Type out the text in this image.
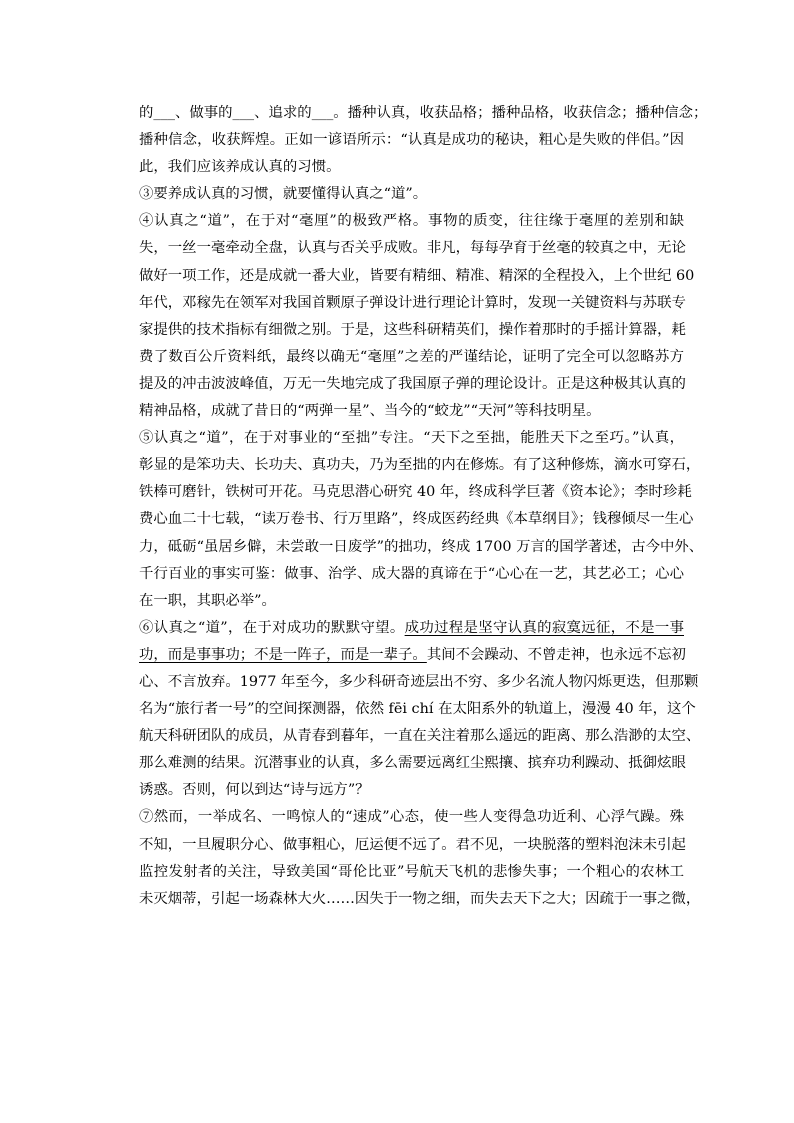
的___、做事的___、追求的___。播种认真，收获品格；播种品格，收获信念；播种信念；
播种信念，收获辉煌。正如一谚语所示：“认真是成功的秘诀，粗心是失败的伴侣。”因
此，我们应该养成认真的习惯。
③要养成认真的习惯，就要懂得认真之“道”。
④认真之“道”，在于对“毫厘”的极致严格。事物的质变，往往缘于毫厘的差别和缺
失，一丝一毫牵动全盘，认真与否关乎成败。非凡，每每孕育于丝毫的较真之中，无论
做好一项工作，还是成就一番大业，皆要有精细、精准、精深的全程投入，上个世纪 60
年代，邓稼先在领军对我国首颗原子弹设计进行理论计算时，发现一关键资料与苏联专
家提供的技术指标有细微之别。于是，这些科研精英们，操作着那时的手摇计算器，耗
费了数百公斤资料纸，最终以确无“毫厘”之差的严谨结论，证明了完全可以忽略苏方
提及的冲击波波峰值，万无一失地完成了我国原子弹的理论设计。正是这种极其认真的
精神品格，成就了昔日的“两弹一星”、当今的“蛟龙”“天河”等科技明星。
⑤认真之“道”，在于对事业的“至拙”专注。“天下之至拙，能胜天下之至巧。”认真，
彰显的是笨功夫、长功夫、真功夫，乃为至拙的内在修炼。有了这种修炼，滴水可穿石，
铁棒可磨针，铁树可开花。马克思潜心研究 40 年，终成科学巨著《资本论》；李时珍耗
费心血二十七载，“读万卷书、行万里路”，终成医药经典《本草纲目》；钱穆倾尽一生心
力，砥砺“虽居乡僻，未尝敢一日废学”的拙功，终成 1700 万言的国学著述，古今中外、
千行百业的事实可鉴：做事、治学、成大器的真谛在于“心心在一艺，其艺必工；心心
在一职，其职必举”。
⑥认真之“道”，在于对成功的默默守望。成功过程是坚守认真的寂寞远征，不是一事
功，而是事事功；不是一阵子，而是一辈子。其间不会躁动、不曾走神，也永远不忘初
心、不言放弃。1977 年至今，多少科研奇迹层出不穷、多少名流人物闪烁更迭，但那颗
名为“旅行者一号”的空间探测器，依然 fēi chí 在太阳系外的轨道上，漫漫 40 年，这个
航天科研团队的成员，从青春到暮年，一直在关注着那么遥远的距离、那么浩渺的太空、
那么难测的结果。沉潜事业的认真，多么需要远离红尘熙攘、摈弃功利躁动、抵御炫眼
诱惑。否则，何以到达“诗与远方”？
⑦然而，一举成名、一鸣惊人的“速成”心态，使一些人变得急功近利、心浮气躁。殊
不知，一旦履职分心、做事粗心，厄运便不远了。君不见，一块脱落的塑料泡沫未引起
监控发射者的关注，导致美国“哥伦比亚”号航天飞机的悲惨失事；一个粗心的农林工
未灭烟蒂，引起一场森林大火……因失于一物之细，而失去天下之大；因疏于一事之微，
